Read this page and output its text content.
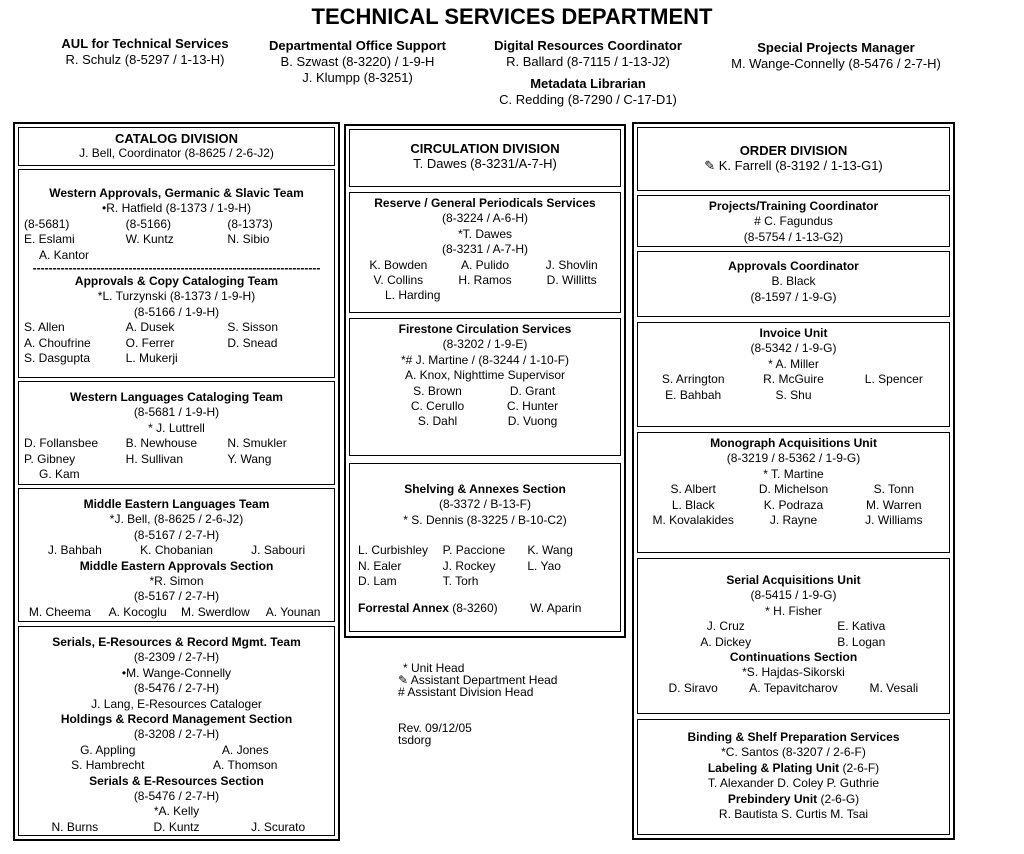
TECHNICAL SERVICES DEPARTMENT
AUL for Technical Services
R. Schulz (8-5297 / 1-13-H)
Departmental Office Support
B. Szwast (8-3220) / 1-9-H
J. Klumpp (8-3251)
Digital Resources Coordinator
R. Ballard (8-7115 / 1-13-J2)
Metadata Librarian
C. Redding (8-7290 / C-17-D1)
Special Projects Manager
M. Wange-Connelly (8-5476 / 2-7-H)
CATALOG DIVISION
J. Bell, Coordinator (8-8625 / 2-6-J2)
Western Approvals, Germanic & Slavic Team
•R. Hatfield (8-1373 / 1-9-H)
(8-5681)	(8-5166)	(8-1373)
E. Eslami	W. Kuntz	N. Sibio
A. Kantor
------------------------------------------------------------------------
Approvals & Copy Cataloging Team
*L. Turzynski (8-1373 / 1-9-H)
(8-5166 / 1-9-H)
S. Allen	A. Dusek	S. Sisson
A. Choufrine	O. Ferrer	D. Snead
S. Dasgupta	L. Mukerji
Western Languages Cataloging Team
(8-5681 / 1-9-H)
* J. Luttrell
D. Follansbee	B. Newhouse	N. Smukler
P. Gibney	H. Sullivan	Y. Wang
G. Kam
Middle Eastern Languages Team
*J. Bell, (8-8625 / 2-6-J2)
(8-5167 / 2-7-H)
J. Bahbah	K. Chobanian	J. Sabouri
Middle Eastern Approvals Section
*R. Simon
(8-5167 / 2-7-H)
M. Cheema	A. Kocoglu	M. Swerdlow	A. Younan
Serials, E-Resources & Record Mgmt. Team
(8-2309 / 2-7-H)
•M. Wange-Connelly
(8-5476 / 2-7-H)
J. Lang, E-Resources Cataloger
Holdings & Record Management Section
(8-3208 / 2-7-H)
G. Appling	A. Jones
S. Hambrecht	A. Thomson
Serials & E-Resources Section
(8-5476 / 2-7-H)
*A. Kelly
N. Burns	D. Kuntz	J. Scurato
CIRCULATION DIVISION
T. Dawes (8-3231/A-7-H)
Reserve / General Periodicals Services
(8-3224 / A-6-H)
*T. Dawes
(8-3231 / A-7-H)
K. Bowden	A. Pulido	J. Shovlin
V. Collins	H. Ramos	D. Willitts
L. Harding
Firestone Circulation Services
(8-3202 / 1-9-E)
*# J. Martine / (8-3244 / 1-10-F)
A. Knox, Nighttime Supervisor
S. Brown	D. Grant
C. Cerullo	C. Hunter
S. Dahl	D. Vuong
Shelving & Annexes Section
(8-3372 / B-13-F)
* S. Dennis (8-3225 / B-10-C2)
L. Curbishley	P. Paccione	K. Wang
N. Ealer	J. Rockey	L. Yao
D. Lam	T. Torh
Forrestal Annex (8-3260)	W. Aparin
* Unit Head
✎ Assistant Department Head
# Assistant Division Head
Rev. 09/12/05
tsdorg
ORDER DIVISION
✎ K. Farrell (8-3192 / 1-13-G1)
Projects/Training Coordinator
# C. Fagundus
(8-5754 / 1-13-G2)
Approvals Coordinator
B. Black
(8-1597 / 1-9-G)
Invoice Unit
(8-5342 / 1-9-G)
* A. Miller
S. Arrington	R. McGuire	L. Spencer
E. Bahbah	S. Shu
Monograph Acquisitions Unit
(8-3219 / 8-5362 / 1-9-G)
* T. Martine
S. Albert	D. Michelson	S. Tonn
L. Black	K. Podraza	M. Warren
M. Kovalakides	J. Rayne	J. Williams
Serial Acquisitions Unit
(8-5415 / 1-9-G)
* H. Fisher
J. Cruz	E. Kativa
A. Dickey	B. Logan
Continuations Section
*S. Hajdas-Sikorski
D. Siravo	A. Tepavitcharov	M. Vesali
Binding & Shelf Preparation Services
*C. Santos (8-3207 / 2-6-F)
Labeling & Plating Unit (2-6-F)
T. Alexander D. Coley P. Guthrie
Prebindery Unit (2-6-G)
R. Bautista S. Curtis M. Tsai
